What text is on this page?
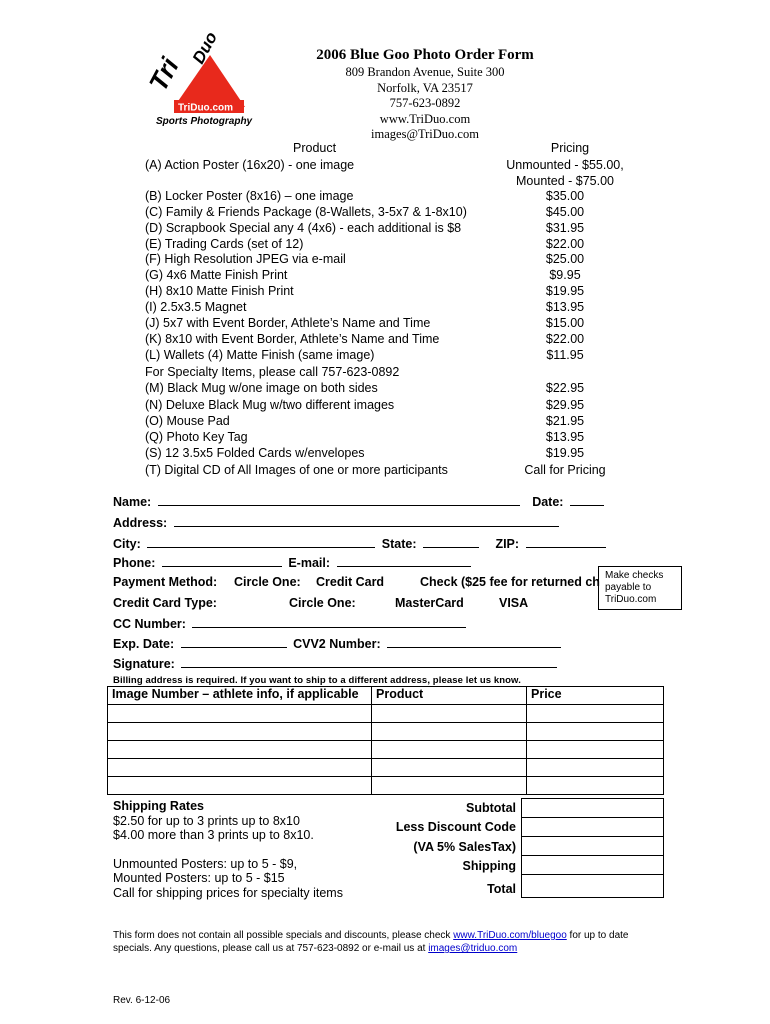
Tri
Duo
TriDuo.com
Sports Photography
2006 Blue Goo Photo Order Form
809 Brandon Avenue, Suite 300
Norfolk, VA 23517
757-623-0892
www.TriDuo.com
images@TriDuo.com
Product	Pricing
(A) Action Poster (16x20) - one image	Unmounted - $55.00,
Mounted - $75.00
(B) Locker Poster (8x16) – one image	$35.00
(C) Family & Friends Package (8-Wallets, 3-5x7 & 1-8x10)	$45.00
(D) Scrapbook Special any 4 (4x6) - each additional is $8	$31.95
(E) Trading Cards (set of 12)	$22.00
(F) High Resolution JPEG via e-mail	$25.00
(G) 4x6 Matte Finish Print	$9.95
(H) 8x10 Matte Finish Print	$19.95
(I) 2.5x3.5 Magnet	$13.95
(J) 5x7 with Event Border, Athlete’s Name and Time	$15.00
(K) 8x10 with Event Border, Athlete’s Name and Time	$22.00
(L) Wallets (4) Matte Finish (same image)	$11.95
For Specialty Items, please call 757-623-0892
(M) Black Mug w/one image on both sides	$22.95
(N) Deluxe Black Mug w/two different images	$29.95
(O) Mouse Pad	$21.95
(Q) Photo Key Tag	$13.95
(S) 12 3.5x5 Folded Cards w/envelopes	$19.95
(T) Digital CD of All Images of one or more participants	Call for Pricing
Name:	Date:
Address:
City:	State:	ZIP:
Phone:	E-mail:
Payment Method: Circle One: Credit Card	Check ($25 fee for returned ch
Credit Card Type:	Circle One:	MasterCard	VISA
CC Number:
Exp. Date:	CVV2 Number:
Signature:
Make checks payable to TriDuo.com
Billing address is required. If you want to ship to a different address, please let us know.
Image Number – athlete info, if applicable	Product	Price

Subtotal
Less Discount Code
(VA 5% SalesTax)
Shipping
Total
Shipping Rates
$2.50 for up to 3 prints up to 8x10
$4.00 more than 3 prints up to 8x10.
Unmounted Posters: up to 5 - $9,
Mounted Posters: up to 5 - $15
Call for shipping prices for specialty items
This form does not contain all possible specials and discounts, please check www.TriDuo.com/bluegoo for up to date specials. Any questions, please call us at 757-623-0892 or e-mail us at images@triduo.com
Rev. 6-12-06
